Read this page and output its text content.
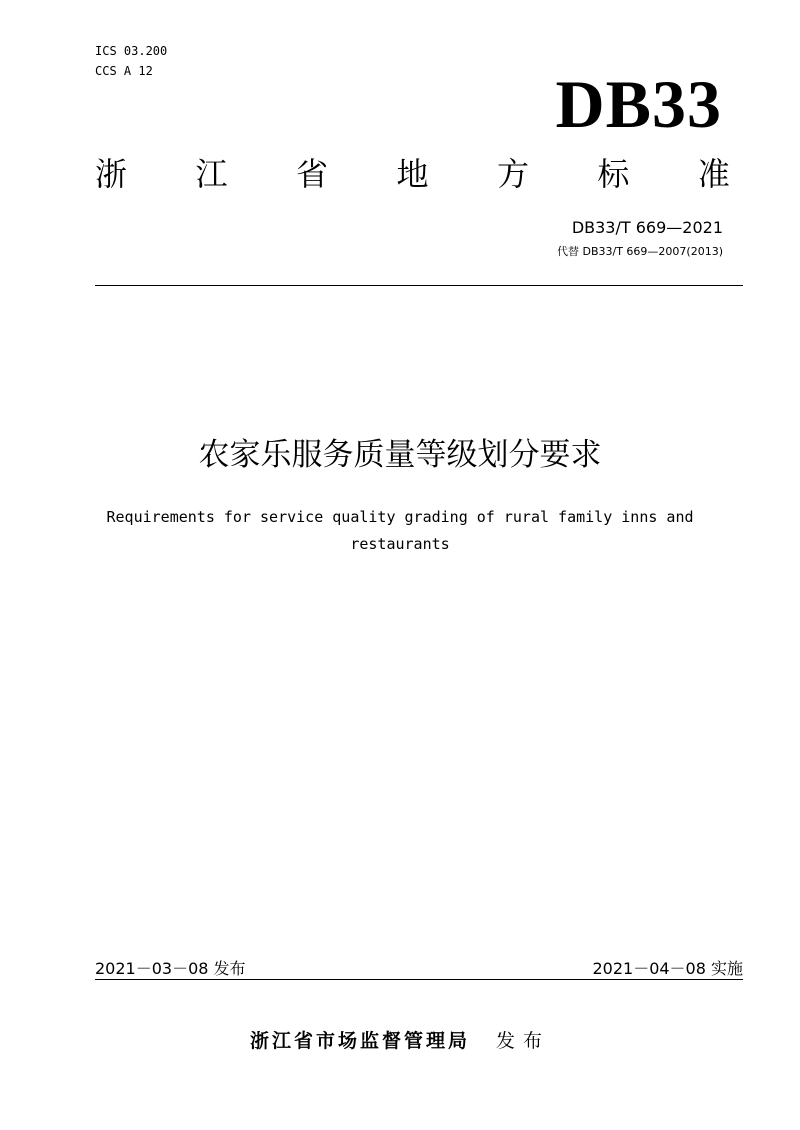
ICS 03.200
CCS A 12	DB33
浙 江 省 地 方 标 准
DB33/T 669—2021
代替 DB33/T 669—2007(2013)
农家乐服务质量等级划分要求
Requirements for service quality grading of rural family inns and restaurants
2021－03－08 发布	2021－04－08 实施
浙江省市场监督管理局 发布
